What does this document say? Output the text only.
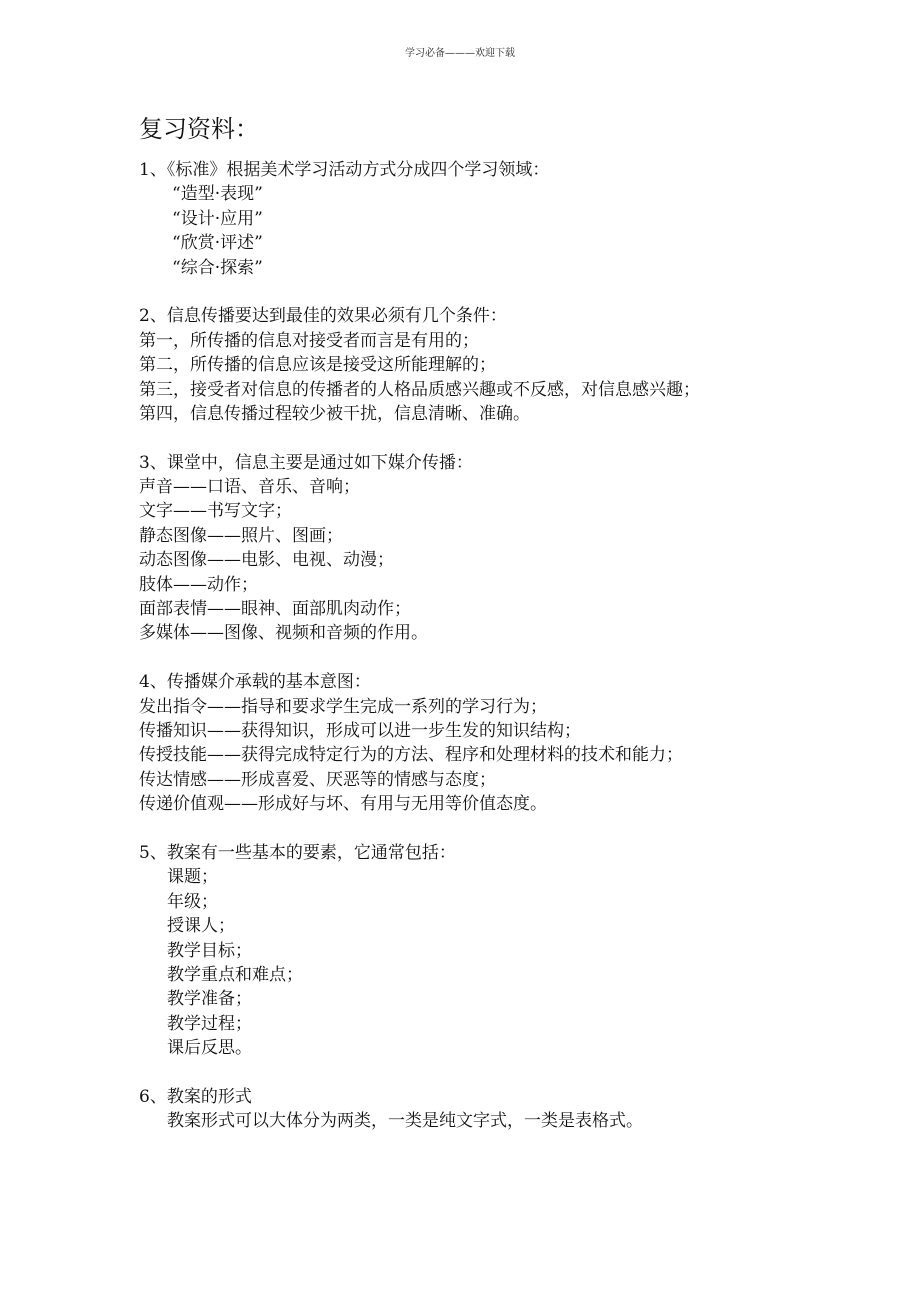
学习必备———欢迎下载
复习资料：
1、《标准》根据美术学习活动方式分成四个学习领域：
“造型·表现”
“设计·应用”
“欣赏·评述”
“综合·探索”
2、信息传播要达到最佳的效果必须有几个条件：
第一，所传播的信息对接受者而言是有用的；
第二，所传播的信息应该是接受这所能理解的；
第三，接受者对信息的传播者的人格品质感兴趣或不反感，对信息感兴趣；
第四，信息传播过程较少被干扰，信息清晰、准确。
3、课堂中，信息主要是通过如下媒介传播：
声音——口语、音乐、音响；
文字——书写文字；
静态图像——照片、图画；
动态图像——电影、电视、动漫；
肢体——动作；
面部表情——眼神、面部肌肉动作；
多媒体——图像、视频和音频的作用。
4、传播媒介承载的基本意图：
发出指令——指导和要求学生完成一系列的学习行为；
传播知识——获得知识，形成可以进一步生发的知识结构；
传授技能——获得完成特定行为的方法、程序和处理材料的技术和能力；
传达情感——形成喜爱、厌恶等的情感与态度；
传递价值观——形成好与坏、有用与无用等价值态度。
5、教案有一些基本的要素，它通常包括：
课题；
年级；
授课人；
教学目标；
教学重点和难点；
教学准备；
教学过程；
课后反思。
6、教案的形式
教案形式可以大体分为两类，一类是纯文字式，一类是表格式。
